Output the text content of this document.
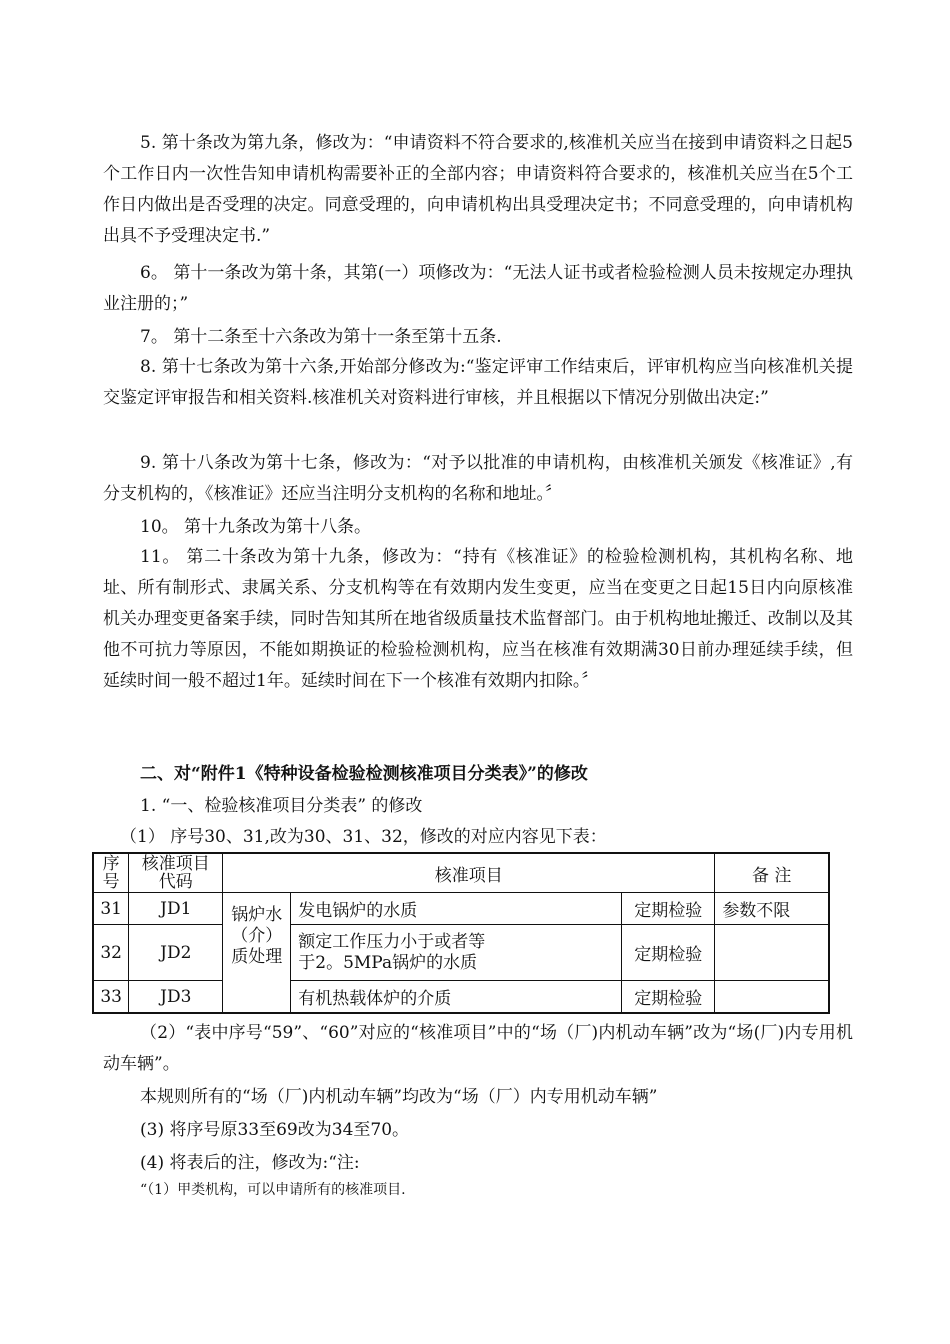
5. 第十条改为第九条，修改为：“申请资料不符合要求的,核准机关应当在接到申请资料之日起5个工作日内一次性告知申请机构需要补正的全部内容；申请资料符合要求的，核准机关应当在5个工作日内做出是否受理的决定。同意受理的，向申请机构出具受理决定书；不同意受理的，向申请机构出具不予受理决定书.”

6。 第十一条改为第十条，其第(一）项修改为：“无法人证书或者检验检测人员未按规定办理执业注册的；”

7。 第十二条至十六条改为第十一条至第十五条.

8. 第十七条改为第十六条,开始部分修改为:“鉴定评审工作结束后，评审机构应当向核准机关提交鉴定评审报告和相关资料.核准机关对资料进行审核，并且根据以下情况分别做出决定:”

9. 第十八条改为第十七条，修改为：“对予以批准的申请机构，由核准机关颁发《核准证》,有分支机构的，《核准证》还应当注明分支机构的名称和地址。〞

10。 第十九条改为第十八条。

11。 第二十条改为第十九条，修改为：“持有《核准证》的检验检测机构，其机构名称、地址、所有制形式、隶属关系、分支机构等在有效期内发生变更，应当在变更之日起15日内向原核准机关办理变更备案手续，同时告知其所在地省级质量技术监督部门。由于机构地址搬迁、改制以及其他不可抗力等原因，不能如期换证的检验检测机构，应当在核准有效期满30日前办理延续手续，但延续时间一般不超过1年。延续时间在下一个核准有效期内扣除。〞

二、对“附件1《特种设备检验检测核准项目分类表》”的修改

1. “一、检验核准项目分类表” 的修改

（1） 序号30、31,改为30、31、32，修改的对应内容见下表：

序号	核准项目代码	核准项目			备 注
31	JD1	锅炉水（介）质处理	发电锅炉的水质	定期检验	参数不限
32	JD2		额定工作压力小于或者等于2。5MPa锅炉的水质	定期检验	
33	JD3		有机热载体炉的介质	定期检验	

（2）“表中序号“59”、“60”对应的“核准项目”中的“场（厂)内机动车辆”改为“场(厂)内专用机动车辆”。

本规则所有的“场（厂)内机动车辆”均改为“场（厂）内专用机动车辆”

(3) 将序号原33至69改为34至70。

(4) 将表后的注，修改为:“注:

“（1）甲类机构，可以申请所有的核准项目.
